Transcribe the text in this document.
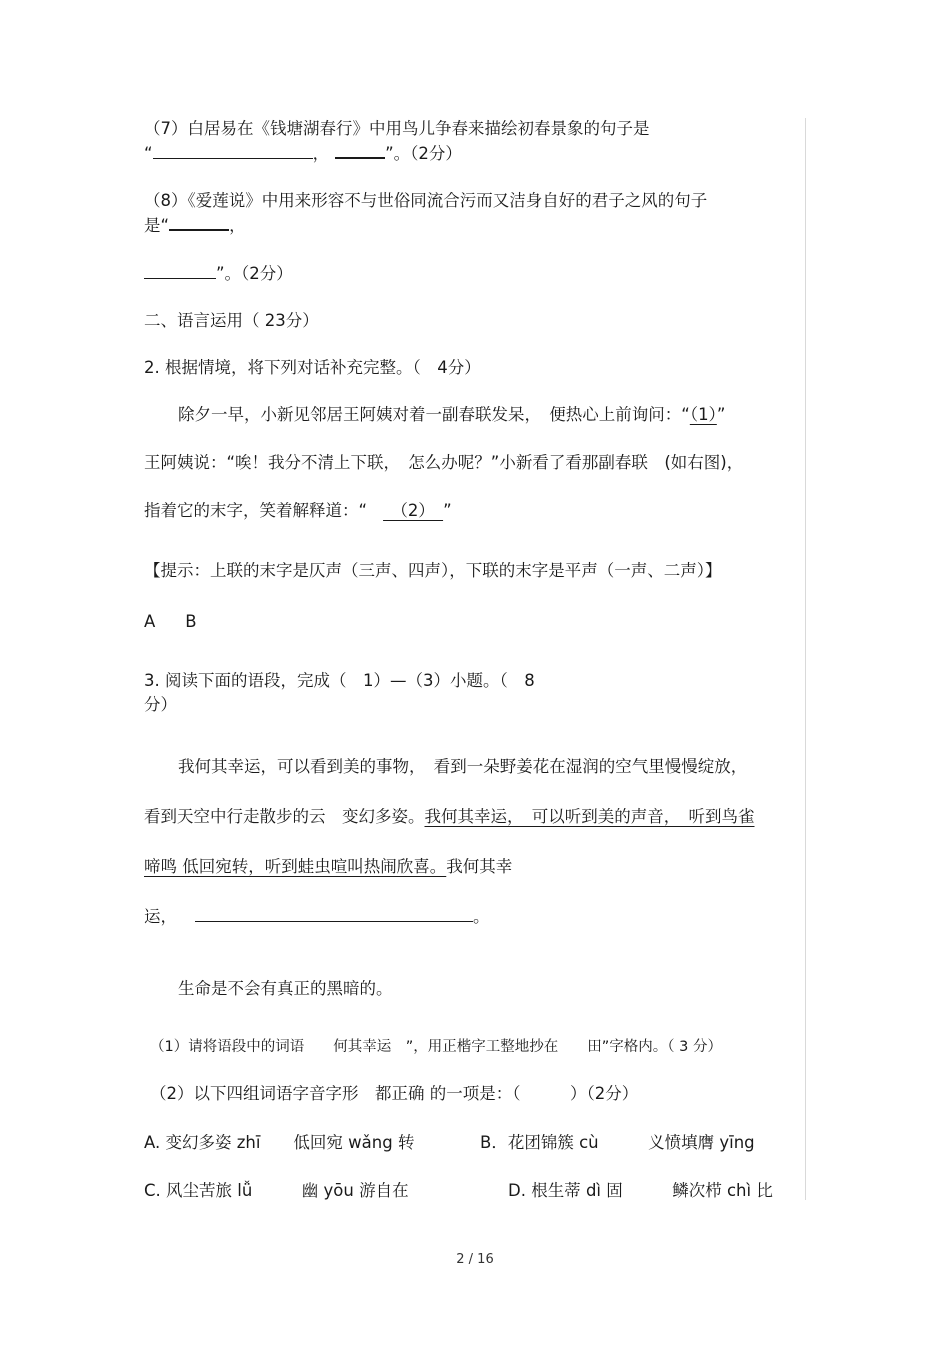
（7）白居易在《钱塘湖春行》中用鸟儿争春来描绘初春景象的句子是
“	，	”。（2分）
（8）《爱莲说》中用来形容不与世俗同流合污而又洁身自好的君子之风的句子
是“	，
”。（2分）
二、语言运用（ 23分）
2. 根据情境，将下列对话补充完整。（　4分）
除夕一早，小新见邻居王阿姨对着一副春联发呆，　便热心上前询问：“（1）”
王阿姨说：“唉！我分不清上下联，　怎么办呢？”小新看了看那副春联　(如右图)，
指着它的末字，笑着解释道：“　（2）　”
【提示：上联的末字是仄声（三声、四声），下联的末字是平声（一声、二声）】
A B
3. 阅读下面的语段，完成（　1）—（3）小题。（　8
分）
我何其幸运，可以看到美的事物，　看到一朵野姜花在湿润的空气里慢慢绽放，
看到天空中行走散步的云　变幻多姿。我何其幸运，　可以听到美的声音，　听到鸟雀
啼鸣 低回宛转，听到蛙虫喧叫热闹欣喜。我何其幸
运，	。
生命是不会有真正的黑暗的。
（1）请将语段中的词语　　何其幸运　”，用正楷字工整地抄在　　田”字格内。（ 3 分）
（2）以下四组词语字音字形　都正确 的一项是：（　　　）（2分）
A. 变幻多姿 zhī　　低回宛 wǎng 转	B．花团锦簇 cù　　　义愤填膺 yīng
C. 风尘苦旅 lǚ　　　幽 yōu 游自在	D. 根生蒂 dì 固　　　鳞次栉 chì 比
2 / 16
